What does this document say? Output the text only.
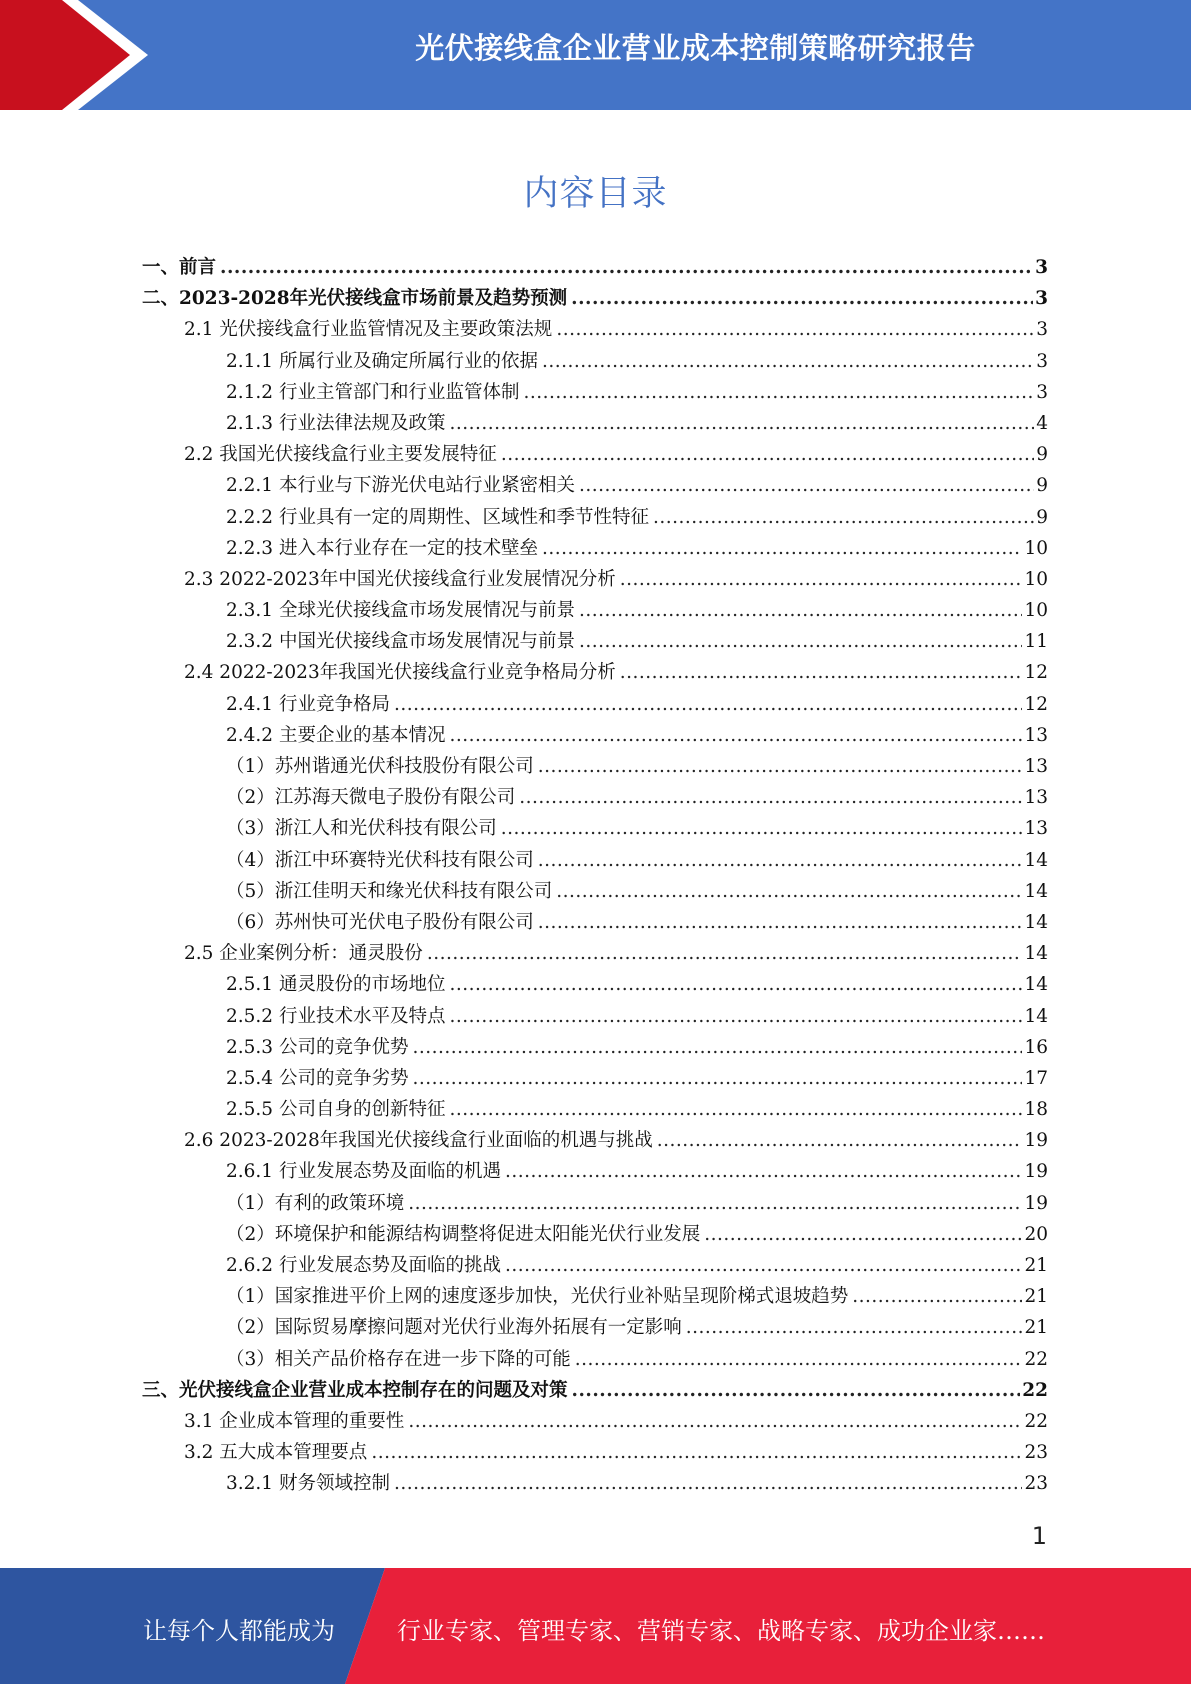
光伏接线盒企业营业成本控制策略研究报告
内容目录
一、前言 .....	3
二、2023-2028年光伏接线盒市场前景及趋势预测 .....	3
2.1 光伏接线盒行业监管情况及主要政策法规 .....	3
2.1.1 所属行业及确定所属行业的依据 .....	3
2.1.2 行业主管部门和行业监管体制 .....	3
2.1.3 行业法律法规及政策 .....	4
2.2 我国光伏接线盒行业主要发展特征 .....	9
2.2.1 本行业与下游光伏电站行业紧密相关 .....	9
2.2.2 行业具有一定的周期性、区域性和季节性特征 .....	9
2.2.3 进入本行业存在一定的技术壁垒 .....	10
2.3 2022-2023年中国光伏接线盒行业发展情况分析 .....	10
2.3.1 全球光伏接线盒市场发展情况与前景 .....	10
2.3.2 中国光伏接线盒市场发展情况与前景 .....	11
2.4 2022-2023年我国光伏接线盒行业竞争格局分析 .....	12
2.4.1 行业竞争格局 .....	12
2.4.2 主要企业的基本情况 .....	13
（1）苏州谐通光伏科技股份有限公司 .....	13
（2）江苏海天微电子股份有限公司 .....	13
（3）浙江人和光伏科技有限公司 .....	13
（4）浙江中环赛特光伏科技有限公司 .....	14
（5）浙江佳明天和缘光伏科技有限公司 .....	14
（6）苏州快可光伏电子股份有限公司 .....	14
2.5 企业案例分析：通灵股份 .....	14
2.5.1 通灵股份的市场地位 .....	14
2.5.2 行业技术水平及特点 .....	14
2.5.3 公司的竞争优势 .....	16
2.5.4 公司的竞争劣势 .....	17
2.5.5 公司自身的创新特征 .....	18
2.6 2023-2028年我国光伏接线盒行业面临的机遇与挑战 .....	19
2.6.1 行业发展态势及面临的机遇 .....	19
（1）有利的政策环境 .....	19
（2）环境保护和能源结构调整将促进太阳能光伏行业发展 .....	20
2.6.2 行业发展态势及面临的挑战 .....	21
（1）国家推进平价上网的速度逐步加快，光伏行业补贴呈现阶梯式退坡趋势 .....	21
（2）国际贸易摩擦问题对光伏行业海外拓展有一定影响 .....	21
（3）相关产品价格存在进一步下降的可能 .....	22
三、光伏接线盒企业营业成本控制存在的问题及对策 .....	22
3.1 企业成本管理的重要性 .....	22
3.2 五大成本管理要点 .....	23
3.2.1 财务领域控制 .....	23
1
让每个人都能成为	行业专家、管理专家、营销专家、战略专家、成功企业家……
